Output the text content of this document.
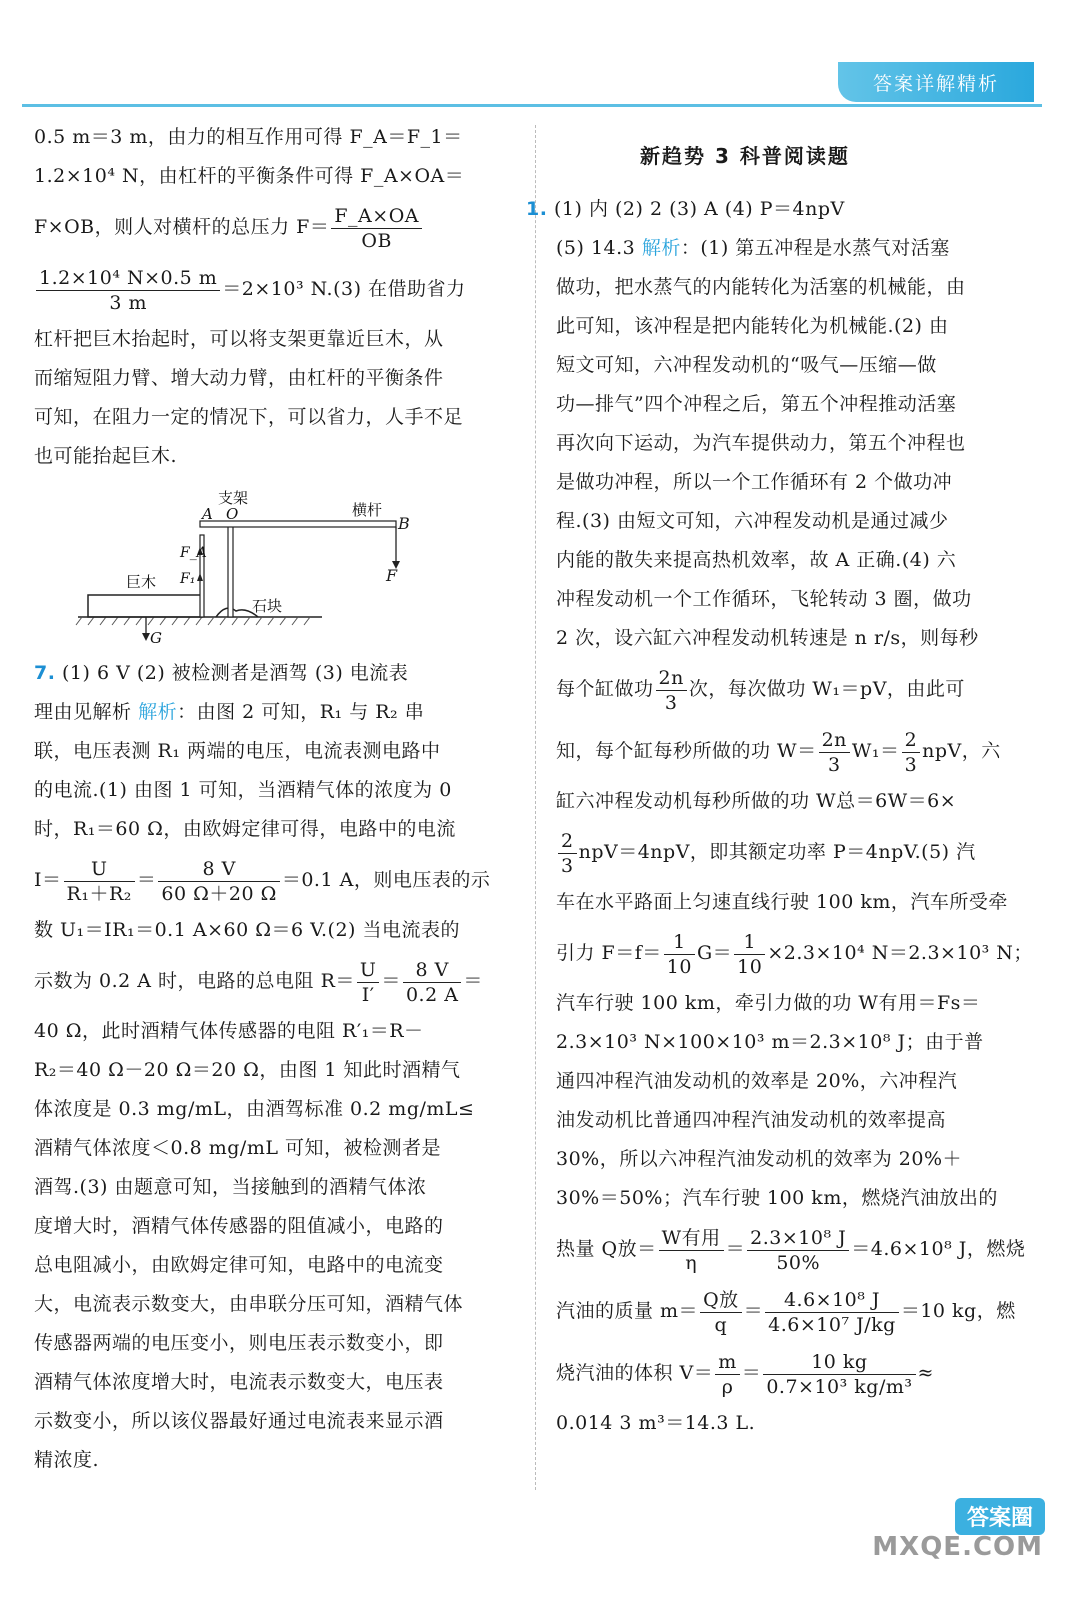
答案详解精析

0.5 m＝3 m，由力的相互作用可得 F_A＝F_1＝

1.2×10⁴ N，由杠杆的平衡条件可得 F_A×OA＝

F×OB，则人对横杆的总压力 $F= \frac{F\_A\times OA}{OB}$

$\frac{\text{1.2×10⁴ N×0.5 m}}{3 m} =2\times 10^3$ N.(3) 在借助省力

杠杆把巨木抬起时，可以将支架更靠近巨木，从

而缩短阻力臂、增大动力臂，由杠杆的平衡条件

可知，在阻力一定的情况下，可以省力，人手不足

也可能抬起巨木.

支架
O
A	横杆
F_A
F₁
巨木
G
石块
B
F

7. (1) 6 V (2) 被检测者是酒驾 (3) 电流表

理由见解析 解析：由图 2 可知，R₁ 与 R₂ 串

联，电压表测 R₁ 两端的电压，电流表测电路中

的电流.(1) 由图 1 可知，当酒精气体的浓度为 0

时，R₁＝60 Ω，由欧姆定律可得，电路中的电流

$I= \frac{U}{\text{R₁＋R₂}} = \frac{8 V}{60 \Omega+20 \Omega} =0.1$ A，则电压表的示

数 U₁＝IR₁＝0.1 A×60 Ω＝6 V.(2) 当电流表的

示数为 0.2 A 时，电路的总电阻 $R= \frac{U}{I'} = \frac{8 V}{0.2 A}$ ＝

40 Ω，此时酒精气体传感器的电阻 R′₁＝R－

R₂＝40 Ω－20 Ω＝20 Ω，由图 1 知此时酒精气

体浓度是 0.3 mg/mL，由酒驾标准 0.2 mg/mL≤

酒精气体浓度＜0.8 mg/mL 可知，被检测者是

酒驾.(3) 由题意可知，当接触到的酒精气体浓

度增大时，酒精气体传感器的阻值减小，电路的

总电阻减小，由欧姆定律可知，电路中的电流变

大，电流表示数变大，由串联分压可知，酒精气体

传感器两端的电压变小，则电压表示数变小，即

酒精气体浓度增大时，电流表示数变大，电压表

示数变小，所以该仪器最好通过电流表来显示酒

精浓度.

新趋势 3 科普阅读题

1. (1) 内 (2) 2 (3) A (4) P＝4npV

(5) 14.3 解析：(1) 第五冲程是水蒸气对活塞

做功，把水蒸气的内能转化为活塞的机械能，由

此可知，该冲程是把内能转化为机械能.(2) 由

短文可知，六冲程发动机的“吸气—压缩—做

功—排气”四个冲程之后，第五个冲程推动活塞

再次向下运动，为汽车提供动力，第五个冲程也

是做功冲程，所以一个工作循环有 2 个做功冲

程.(3) 由短文可知，六冲程发动机是通过减少

内能的散失来提高热机效率，故 A 正确.(4) 六

冲程发动机一个工作循环，飞轮转动 3 圈，做功

2 次，设六缸六冲程发动机转速是 n r/s，则每秒

每个缸做功 $\frac{2n}{3}$ 次，每次做功 W₁＝pV，由此可

知，每个缸每秒所做的功 $W= \frac{2n}{3} W_1= \frac{2}{3}$ npV，六

缸六冲程发动机每秒所做的功 W总＝6W＝6×

$\frac{2}{3} npV=4npV$，即其额定功率 P＝4npV.(5) 汽

车在水平路面上匀速直线行驶 100 km，汽车所受牵

引力 $F=f= \frac{1}{10} G= \frac{1}{10} \times 2.3\times 10^4$ N＝2.3×10³ N；

汽车行驶 100 km，牵引力做的功 W有用＝Fs＝

2.3×10³ N×100×10³ m＝2.3×10⁸ J；由于普

通四冲程汽油发动机的效率是 20%，六冲程汽

油发动机比普通四冲程汽油发动机的效率提高

30%，所以六冲程汽油发动机的效率为 20%＋

30%＝50%；汽车行驶 100 km，燃烧汽油放出的

热量 Q放＝ $\frac{\text{W有用}}{\eta} = \frac{\text{2.3×10⁸ J}}{50\%} =4.6\times 10^8$ J，燃烧

汽油的质量 $m= \frac{\text{Q放}}{q} = \frac{\text{4.6×10⁸ J}}{\text{4.6×10⁷ J/kg}} =10$ kg，燃

烧汽油的体积 $V= \frac{m}{\rho} = \frac{10 kg}{\text{0.7×10³ kg/m³}}$ ≈

0.014 3 m³＝14.3 L.

答案圈
MXQE.COM
